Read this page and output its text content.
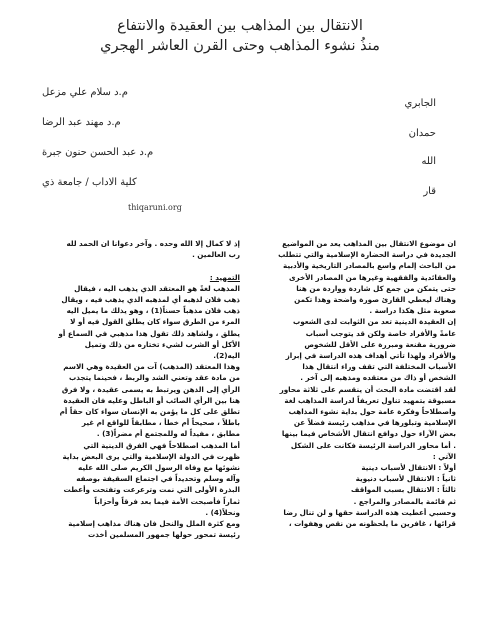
الانتقال بين المذاهب بين العقيدة والانتفاع
منذُ نشوء المذاهب وحتى القرن العاشر الهجري
م.د سلام علي مزعل
م.د مهند عبد الرضا
م.د عبد الحسن حنون جبرة
كلية الاداب / جامعة ذي
thiqaruni.org
الجابري
حمدان
الله
قار

ان موضوع الانتقال بين المذاهب يعد من المواضيع

الجديدة في دراسة الحضارة الإسلامية والتي تتطلب

من الباحث إلمام واسع بالمصادر التاريخية والأدبية

والعقائدية والفقهية وغيرها من المصادر الأخرى

حتى يتمكن من جمع كل شاردة وواردة من هنا

وهناك ليعطي القارئ صورة واضحة وهذا تكمن

صعوبة مثل هكذا دراسة .

إن العقيدة الدينية تعد من الثوابت لدى الشعوب

عامةً والأفراد خاصة ولكن قد يتوجب أسباب

ضرورية مقنعة ومبررة على الأقل للشخوص

والأفراد ولهذا تأتي أهداف هذه الدراسة في إبراز

الأسباب المختلفة التي تقف وراء انتقال هذا

الشخص أو ذاك من معتقده ومذهبه إلى آخر .

لقد اقتضت مادة البحث أن ينقسم على ثلاثة محاور

مسبوقة بتمهيد تناول تعريفاً لدراسة المذاهب لغة

واصطلاحاً وفكرة عامة حول بداية نشوء المذاهب

الإسلامية وتبلورها في مذاهب رئيسة فضلاً عن

بعض الآراء حول دوافع انتقال الأشخاص فيما بينها

. أما محاور الدراسة الرئيسة فكانت على الشكل

الآتي :

أولاً : الانتقال لأسباب دينية

ثانياً : الانتقال لأسباب دنيوية

ثالثاً : الانتقال بسبب المواقف

ثم قائمة بالمصادر والمراجع .

وحسبي أعطيت هذه الدراسة حقها و لن تنال رضا

قرائها ، غافرين ما يلحظونه من نقص وهفوات ،

إذ لا كمال إلا الله وحده . وآخر دعوانا ان الحمد لله

رب العالمين .

التمهيد :

المذهب لغةً هو المعتقد الذي يذهب اليه ، فيقال

ذهب فلان لذهبه أي لمذهبه الذي يذهب فيه ، ويقال

ذهب فلان مذهباً حسناً(1) ، وهو يذلك ما يميل اليه

المرء من الطرق سواء كان يطلق القول فيه أو لا

يطلق ، ولشاهد ذلك تقول هذا مذهبي في السماع أو

الأكل أو الشرب لشيء تختاره من ذلك وتميل

اليه(2).

وهذا المعتقد (المذهب) آت من العقيدة وهي الاسم

من مادة عقد وتعني الشد والربط ، فحينما يتجذب

الرأي إلى الذهن ويرتبط به يسمى عقيدة ، ولا فرق

هنا بين الرأي الصائب أو الباطل وعليه فان العقيدة

تطلق على كل ما يؤمن به الإنسان سواء كان حقاً أم

باطلاً ، صحيحاً أم خطأ ، مطابقاً للواقع ام غير

مطابق ، مفيداً له وللمجتمع أم مضراً(3) .

أما المذهب اصطلاحاً فهي الفرق الدينية التي

ظهرت في الدولة الإسلامية والتي يرى البعض بداية

نشوئها مع وفاة الرسول الكريم صلى الله عليه

وآله وسلم وتحديداً في اجتماع السقيفة بوصفه

البذرة الأولى التي نمت وترعرعت وتفتحت وأعطت

ثماراً فأصبحت الأمة فيما بعد فرقاً وأحزاباً

ونحلاً(4) .

ومع كثرة الملل والنحل فان هناك مذاهب إسلامية

رئيسة تمحور حولها جمهور المسلمين أخذت
